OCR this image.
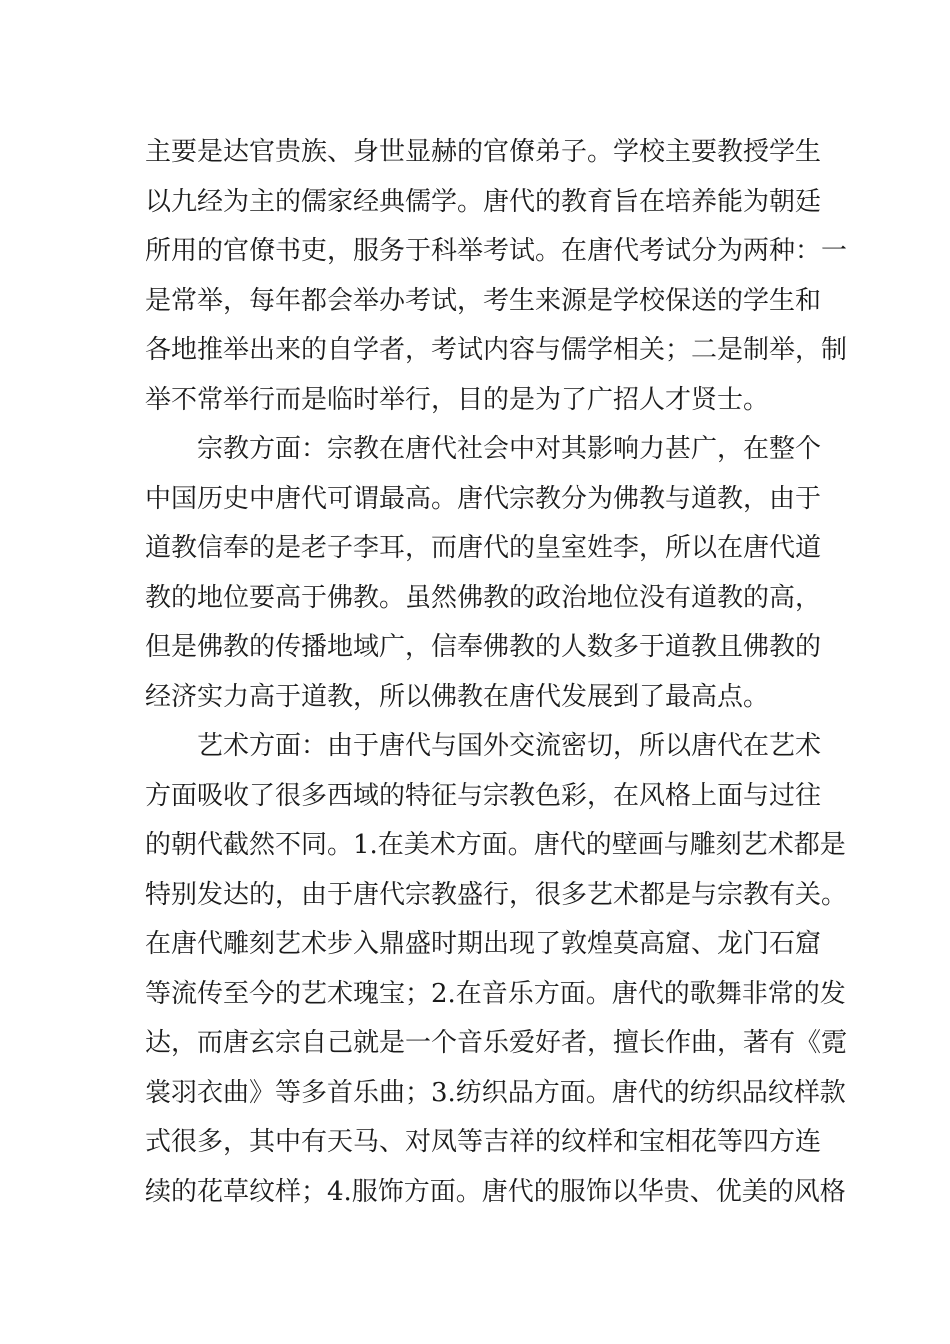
主要是达官贵族、身世显赫的官僚弟子。学校主要教授学生
以九经为主的儒家经典儒学。唐代的教育旨在培养能为朝廷
所用的官僚书吏，服务于科举考试。在唐代考试分为两种：一
是常举，每年都会举办考试，考生来源是学校保送的学生和
各地推举出来的自学者，考试内容与儒学相关；二是制举，制
举不常举行而是临时举行，目的是为了广招人才贤士。
宗教方面：宗教在唐代社会中对其影响力甚广，在整个
中国历史中唐代可谓最高。唐代宗教分为佛教与道教，由于
道教信奉的是老子李耳，而唐代的皇室姓李，所以在唐代道
教的地位要高于佛教。虽然佛教的政治地位没有道教的高，
但是佛教的传播地域广，信奉佛教的人数多于道教且佛教的
经济实力高于道教，所以佛教在唐代发展到了最高点。
艺术方面：由于唐代与国外交流密切，所以唐代在艺术
方面吸收了很多西域的特征与宗教色彩，在风格上面与过往
的朝代截然不同。1.在美术方面。唐代的壁画与雕刻艺术都是
特别发达的，由于唐代宗教盛行，很多艺术都是与宗教有关。
在唐代雕刻艺术步入鼎盛时期出现了敦煌莫高窟、龙门石窟
等流传至今的艺术瑰宝；2.在音乐方面。唐代的歌舞非常的发
达，而唐玄宗自己就是一个音乐爱好者，擅长作曲，著有《霓
裳羽衣曲》等多首乐曲；3.纺织品方面。唐代的纺织品纹样款
式很多，其中有天马、对凤等吉祥的纹样和宝相花等四方连
续的花草纹样；4.服饰方面。唐代的服饰以华贵、优美的风格
